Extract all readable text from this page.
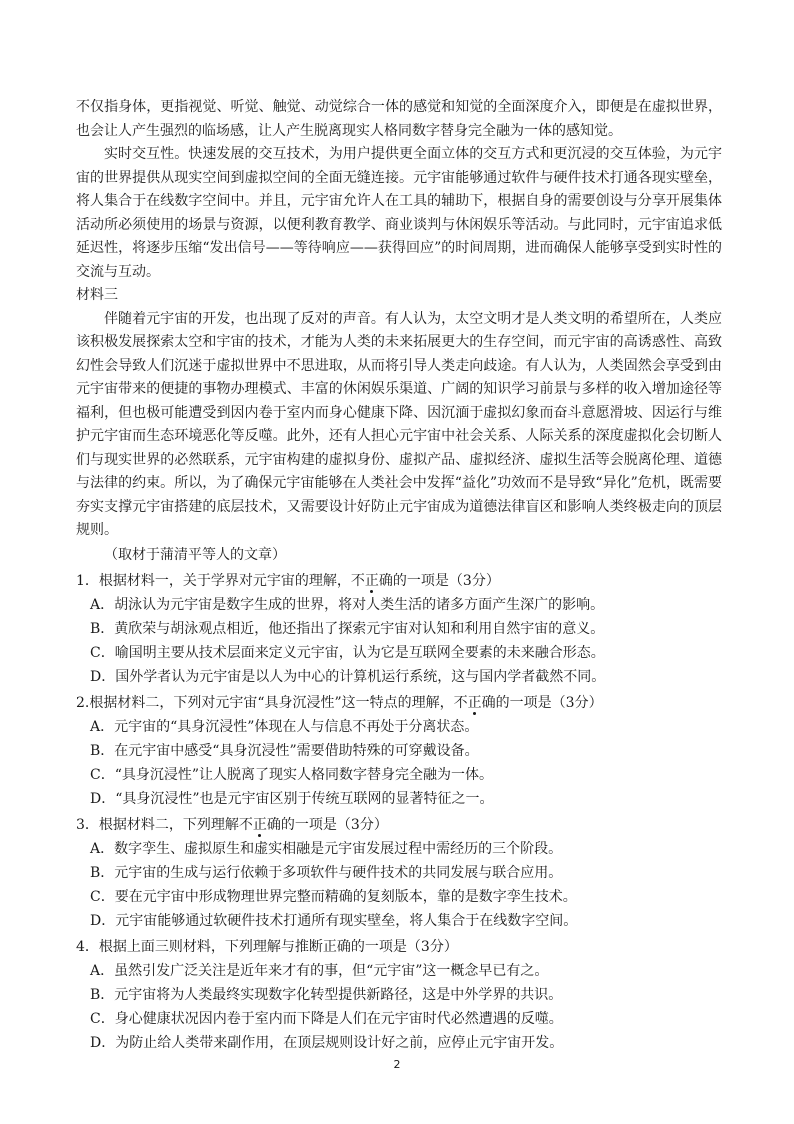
不仅指身体，更指视觉、听觉、触觉、动觉综合一体的感觉和知觉的全面深度介入，即便是在虚拟世界，也会让人产生强烈的临场感，让人产生脱离现实人格同数字替身完全融为一体的感知觉。

实时交互性。快速发展的交互技术，为用户提供更全面立体的交互方式和更沉浸的交互体验，为元宇宙的世界提供从现实空间到虚拟空间的全面无缝连接。元宇宙能够通过软件与硬件技术打通各现实壁垒，将人集合于在线数字空间中。并且，元宇宙允许人在工具的辅助下，根据自身的需要创设与分享开展集体活动所必须使用的场景与资源，以便利教育教学、商业谈判与休闲娱乐等活动。与此同时，元宇宙追求低延迟性，将逐步压缩“发出信号——等待响应——获得回应”的时间周期，进而确保人能够享受到实时性的交流与互动。

材料三

伴随着元宇宙的开发，也出现了反对的声音。有人认为，太空文明才是人类文明的希望所在，人类应该积极发展探索太空和宇宙的技术，才能为人类的未来拓展更大的生存空间，而元宇宙的高诱惑性、高致幻性会导致人们沉迷于虚拟世界中不思进取，从而将引导人类走向歧途。有人认为，人类固然会享受到由元宇宙带来的便捷的事物办理模式、丰富的休闲娱乐渠道、广阔的知识学习前景与多样的收入增加途径等福利，但也极可能遭受到因内卷于室内而身心健康下降、因沉湎于虚拟幻象而奋斗意愿滑坡、因运行与维护元宇宙而生态环境恶化等反噬。此外，还有人担心元宇宙中社会关系、人际关系的深度虚拟化会切断人们与现实世界的必然联系，元宇宙构建的虚拟身份、虚拟产品、虚拟经济、虚拟生活等会脱离伦理、道德与法律的约束。所以，为了确保元宇宙能够在人类社会中发挥“益化”功效而不是导致“异化”危机，既需要夯实支撑元宇宙搭建的底层技术，又需要设计好防止元宇宙成为道德法律盲区和影响人类终极走向的顶层规则。

（取材于蒲清平等人的文章）

1．根据材料一，关于学界对元宇宙的理解，不正确的一项是（3分）

A．胡泳认为元宇宙是数字生成的世界，将对人类生活的诸多方面产生深广的影响。

B．黄欣荣与胡泳观点相近，他还指出了探索元宇宙对认知和利用自然宇宙的意义。

C．喻国明主要从技术层面来定义元宇宙，认为它是互联网全要素的未来融合形态。

D．国外学者认为元宇宙是以人为中心的计算机运行系统，这与国内学者截然不同。

2.根据材料二，下列对元宇宙“具身沉浸性”这一特点的理解，不正确的一项是（3分）

A．元宇宙的“具身沉浸性”体现在人与信息不再处于分离状态。

B．在元宇宙中感受“具身沉浸性”需要借助特殊的可穿戴设备。

C．“具身沉浸性”让人脱离了现实人格同数字替身完全融为一体。

D．“具身沉浸性”也是元宇宙区别于传统互联网的显著特征之一。

3．根据材料二，下列理解不正确的一项是（3分）

A．数字孪生、虚拟原生和虚实相融是元宇宙发展过程中需经历的三个阶段。

B．元宇宙的生成与运行依赖于多项软件与硬件技术的共同发展与联合应用。

C．要在元宇宙中形成物理世界完整而精确的复刻版本，靠的是数字孪生技术。

D．元宇宙能够通过软硬件技术打通所有现实壁垒，将人集合于在线数字空间。

4．根据上面三则材料，下列理解与推断正确的一项是（3分）

A．虽然引发广泛关注是近年来才有的事，但“元宇宙”这一概念早已有之。

B．元宇宙将为人类最终实现数字化转型提供新路径，这是中外学界的共识。

C．身心健康状况因内卷于室内而下降是人们在元宇宙时代必然遭遇的反噬。

D．为防止给人类带来副作用，在顶层规则设计好之前，应停止元宇宙开发。

2
